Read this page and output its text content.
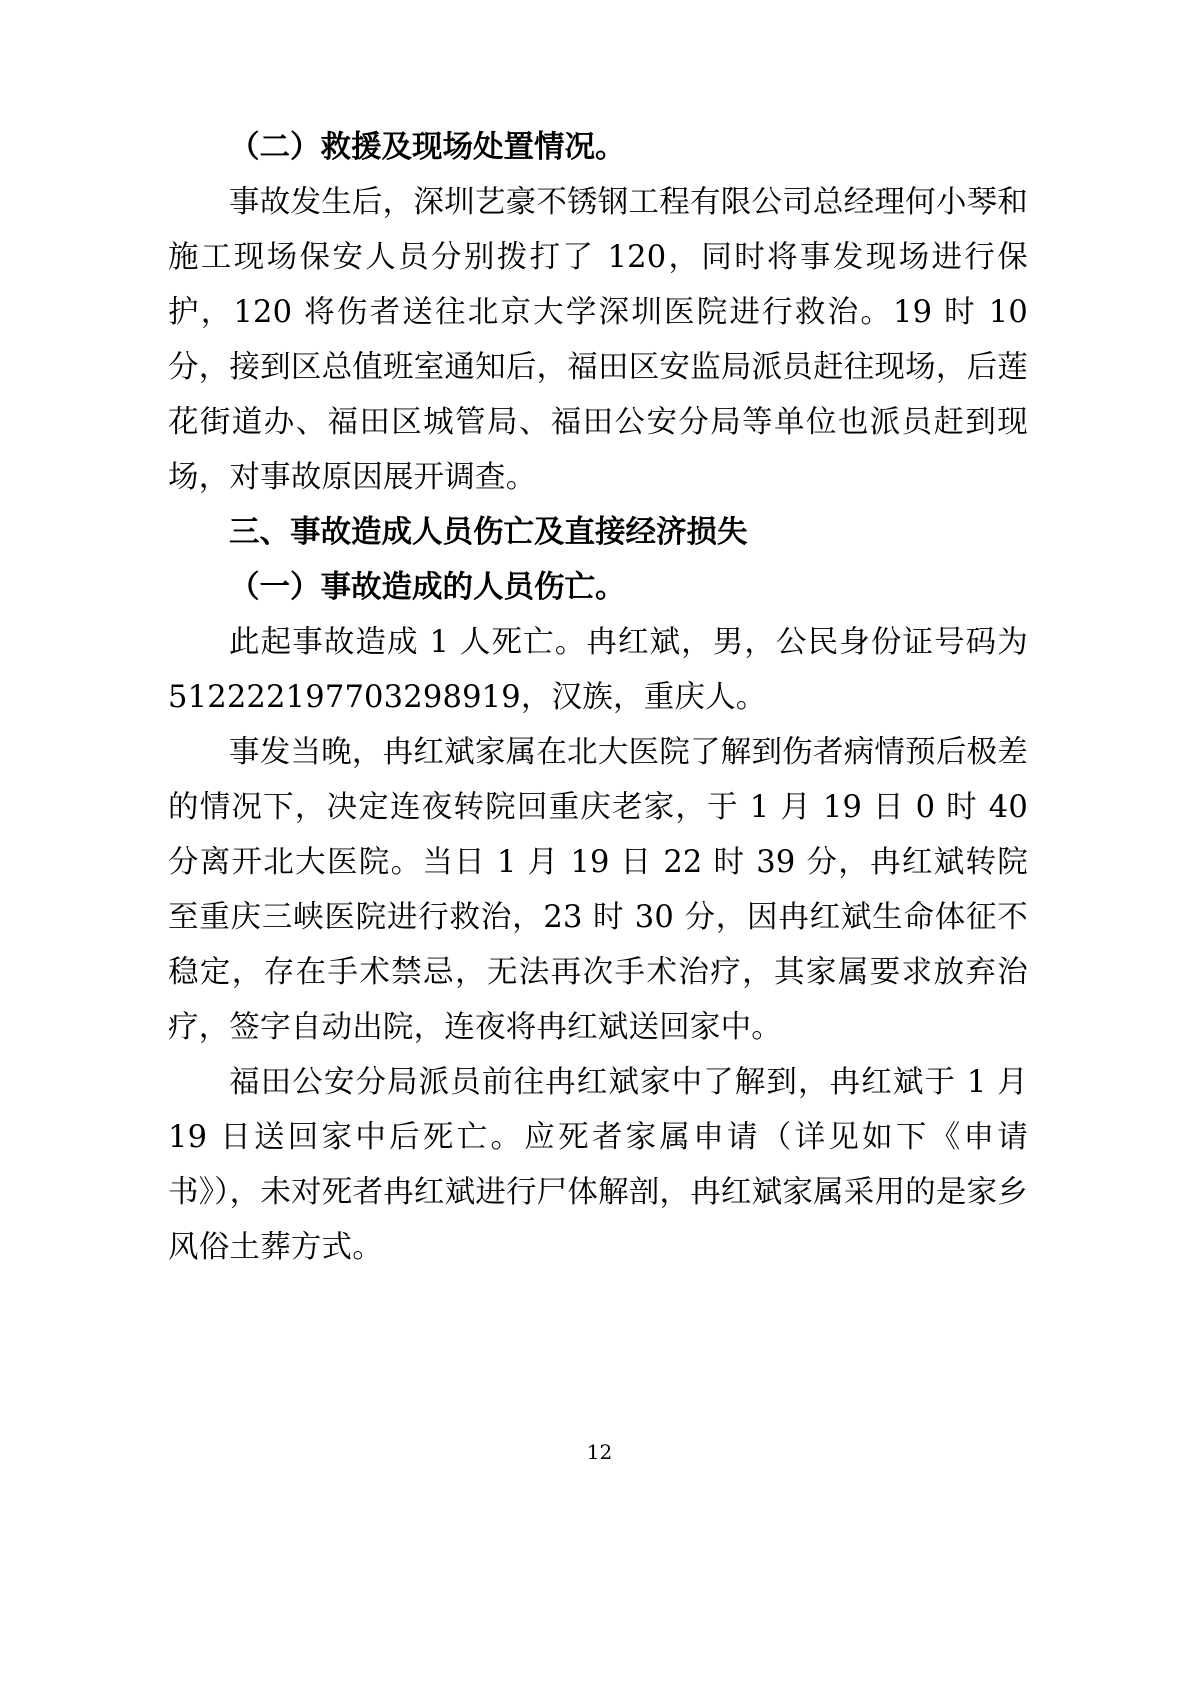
（二）救援及现场处置情况。

事故发生后，深圳艺豪不锈钢工程有限公司总经理何小琴和施工现场保安人员分别拨打了 120，同时将事发现场进行保护，120 将伤者送往北京大学深圳医院进行救治。19 时 10 分，接到区总值班室通知后，福田区安监局派员赶往现场，后莲花街道办、福田区城管局、福田公安分局等单位也派员赶到现场，对事故原因展开调查。

三、事故造成人员伤亡及直接经济损失

（一）事故造成的人员伤亡。

此起事故造成 1 人死亡。冉红斌，男，公民身份证号码为 512222197703298919，汉族，重庆人。

事发当晚，冉红斌家属在北大医院了解到伤者病情预后极差的情况下，决定连夜转院回重庆老家，于 1 月 19 日 0 时 40 分离开北大医院。当日 1 月 19 日 22 时 39 分，冉红斌转院至重庆三峡医院进行救治，23 时 30 分，因冉红斌生命体征不稳定，存在手术禁忌，无法再次手术治疗，其家属要求放弃治疗，签字自动出院，连夜将冉红斌送回家中。

福田公安分局派员前往冉红斌家中了解到，冉红斌于 1 月 19 日送回家中后死亡。应死者家属申请（详见如下《申请书》），未对死者冉红斌进行尸体解剖，冉红斌家属采用的是家乡风俗土葬方式。

12
